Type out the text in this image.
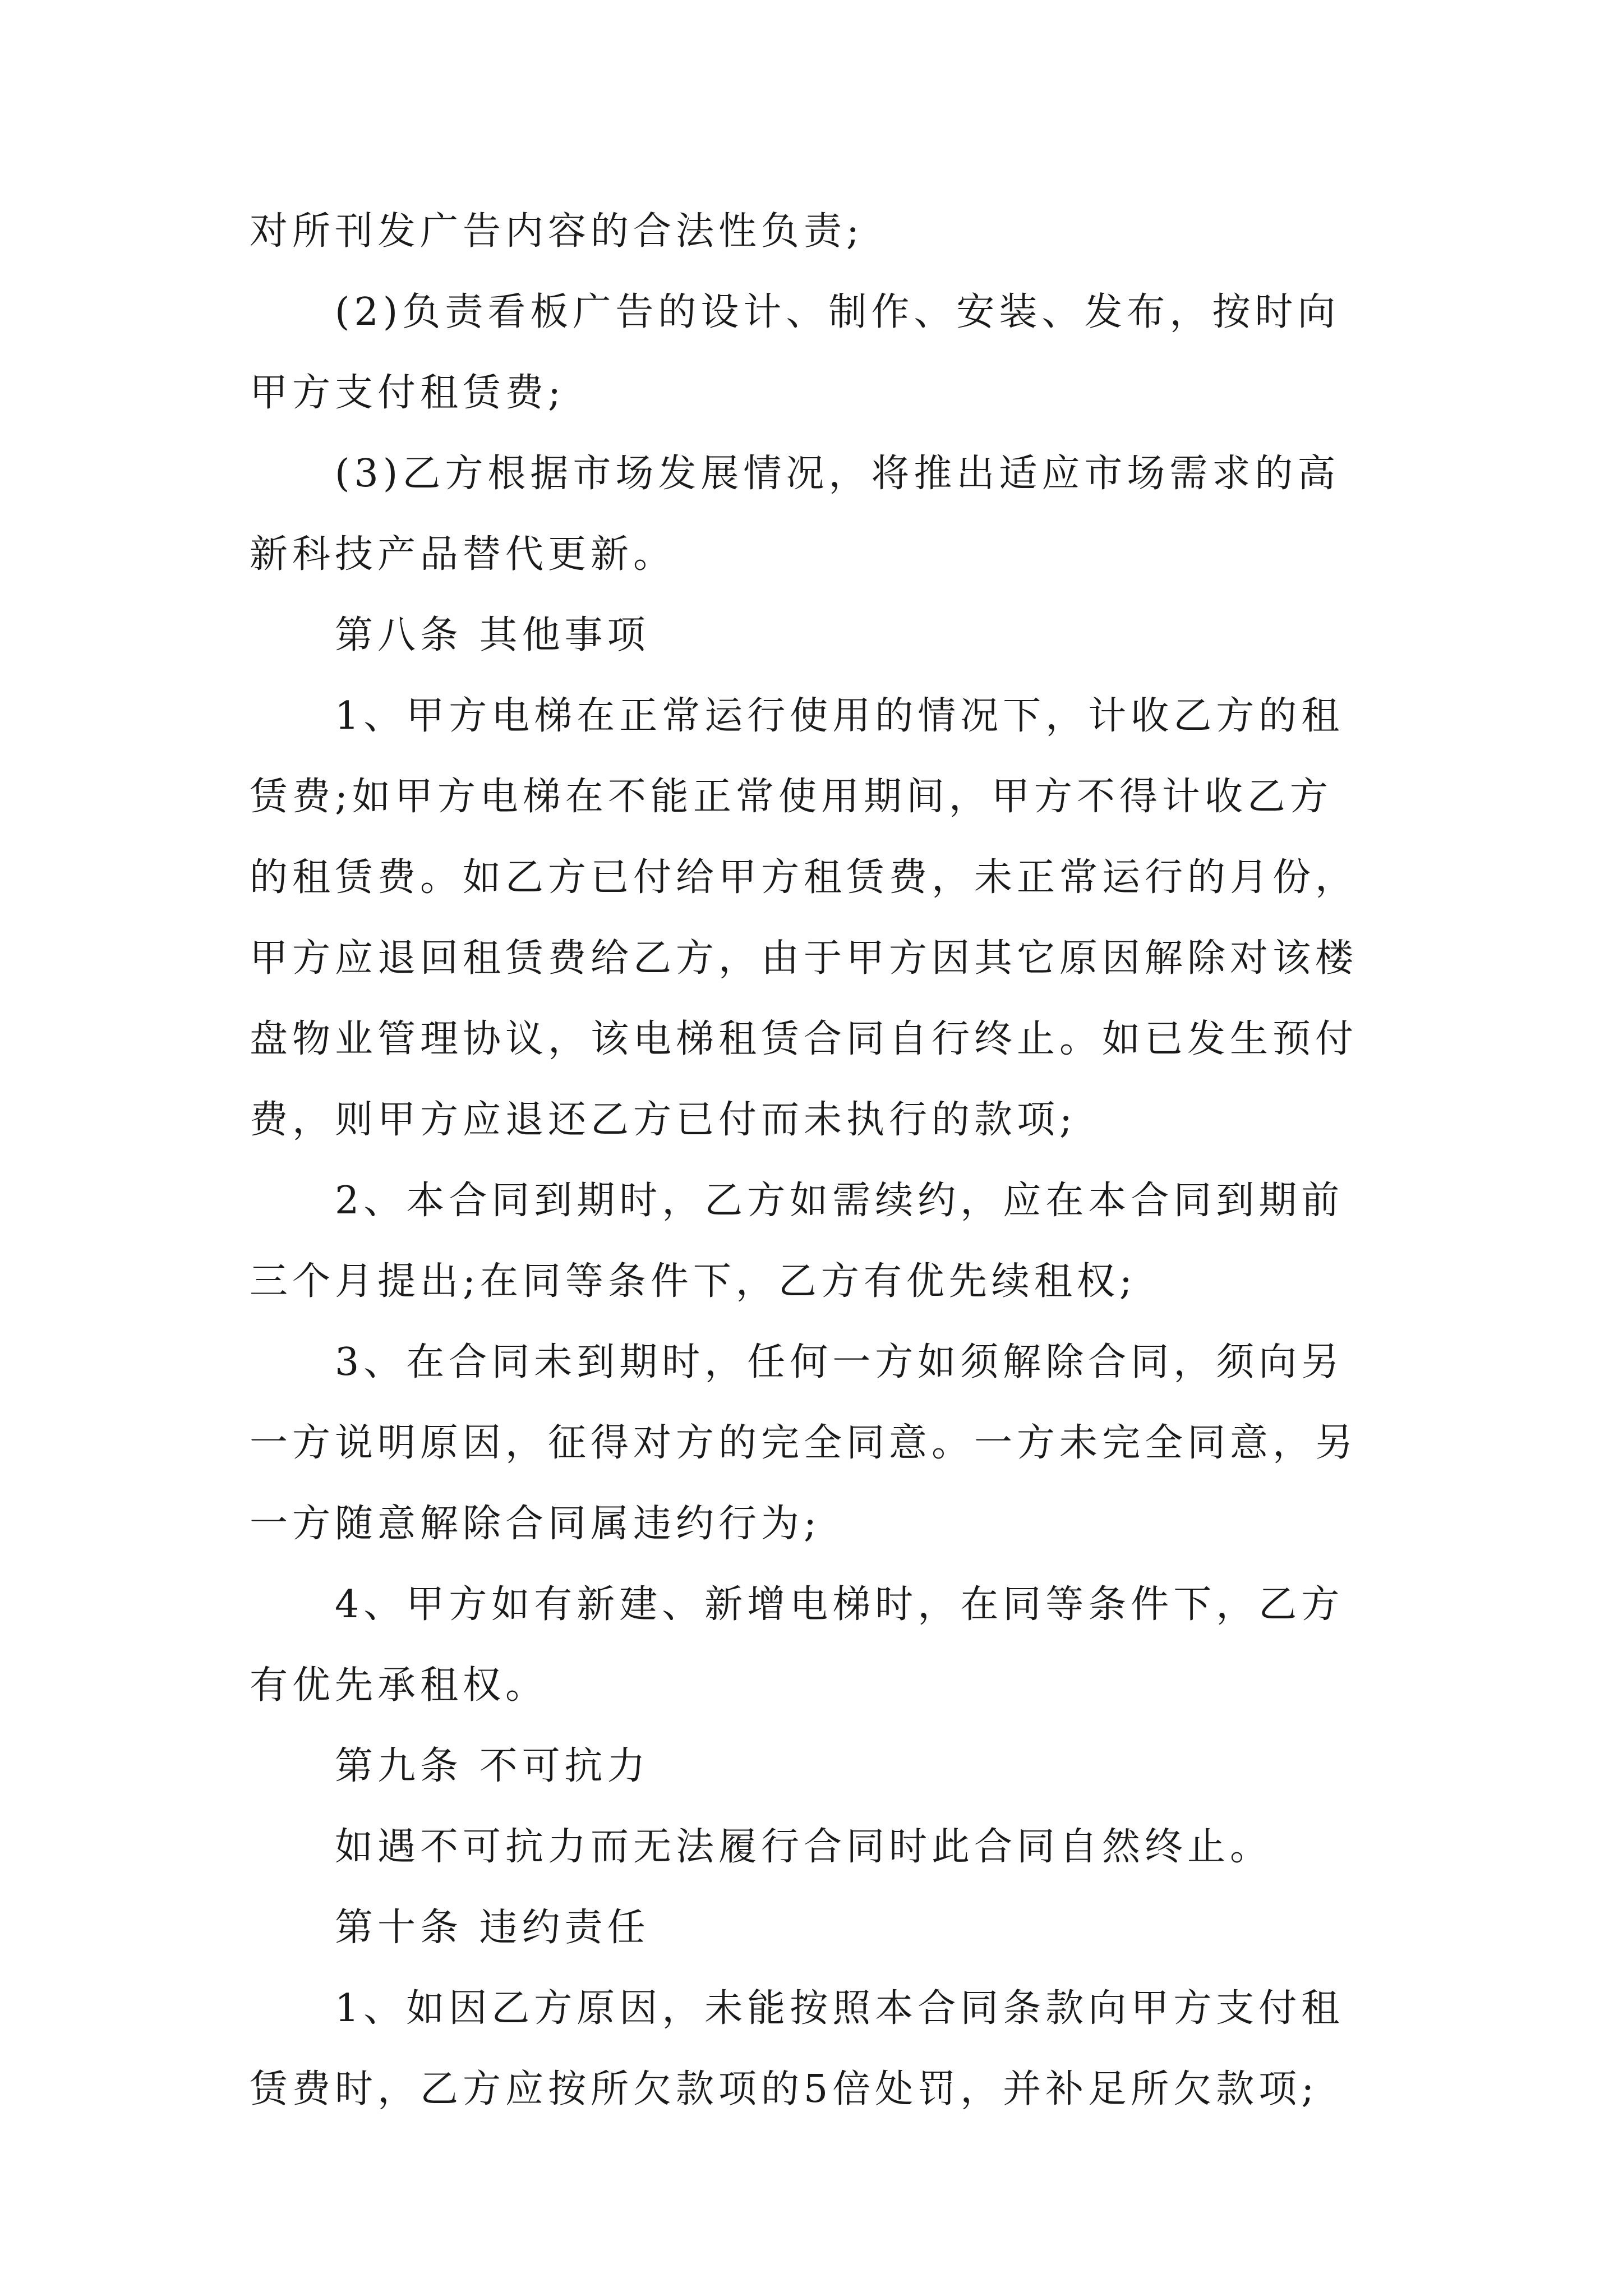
对所刊发广告内容的合法性负责;
(2)负责看板广告的设计、制作、安装、发布，按时向
甲方支付租赁费;
(3)乙方根据市场发展情况，将推出适应市场需求的高
新科技产品替代更新。
第八条 其他事项
1、甲方电梯在正常运行使用的情况下，计收乙方的租
赁费;如甲方电梯在不能正常使用期间，甲方不得计收乙方
的租赁费。如乙方已付给甲方租赁费，未正常运行的月份，
甲方应退回租赁费给乙方，由于甲方因其它原因解除对该楼
盘物业管理协议，该电梯租赁合同自行终止。如已发生预付
费，则甲方应退还乙方已付而未执行的款项;
2、本合同到期时，乙方如需续约，应在本合同到期前
三个月提出;在同等条件下，乙方有优先续租权;
3、在合同未到期时，任何一方如须解除合同，须向另
一方说明原因，征得对方的完全同意。一方未完全同意，另
一方随意解除合同属违约行为;
4、甲方如有新建、新增电梯时，在同等条件下，乙方
有优先承租权。
第九条 不可抗力
如遇不可抗力而无法履行合同时此合同自然终止。
第十条 违约责任
1、如因乙方原因，未能按照本合同条款向甲方支付租
赁费时，乙方应按所欠款项的5倍处罚，并补足所欠款项;
